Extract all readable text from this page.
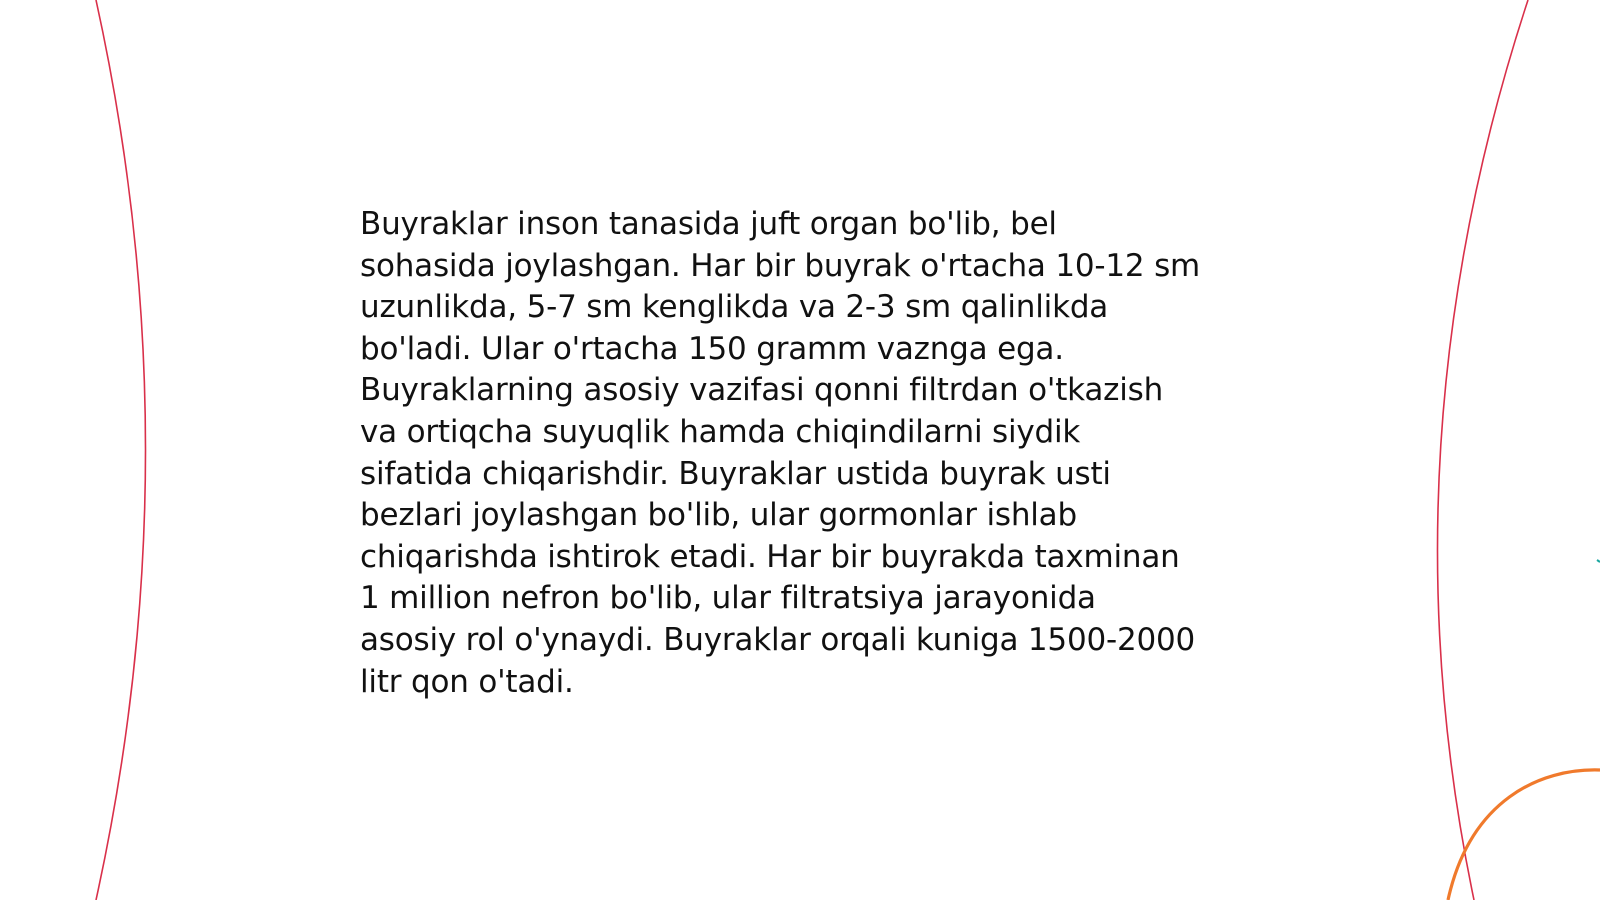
Buyraklar inson tanasida juft organ bo'lib, bel
sohasida joylashgan. Har bir buyrak o'rtacha 10-12 sm
uzunlikda, 5-7 sm kenglikda va 2-3 sm qalinlikda
bo'ladi. Ular o'rtacha 150 gramm vaznga ega.
Buyraklarning asosiy vazifasi qonni filtrdan o'tkazish
va ortiqcha suyuqlik hamda chiqindilarni siydik
sifatida chiqarishdir. Buyraklar ustida buyrak usti
bezlari joylashgan bo'lib, ular gormonlar ishlab
chiqarishda ishtirok etadi. Har bir buyrakda taxminan
1 million nefron bo'lib, ular filtratsiya jarayonida
asosiy rol o'ynaydi. Buyraklar orqali kuniga 1500-2000
litr qon o'tadi.
